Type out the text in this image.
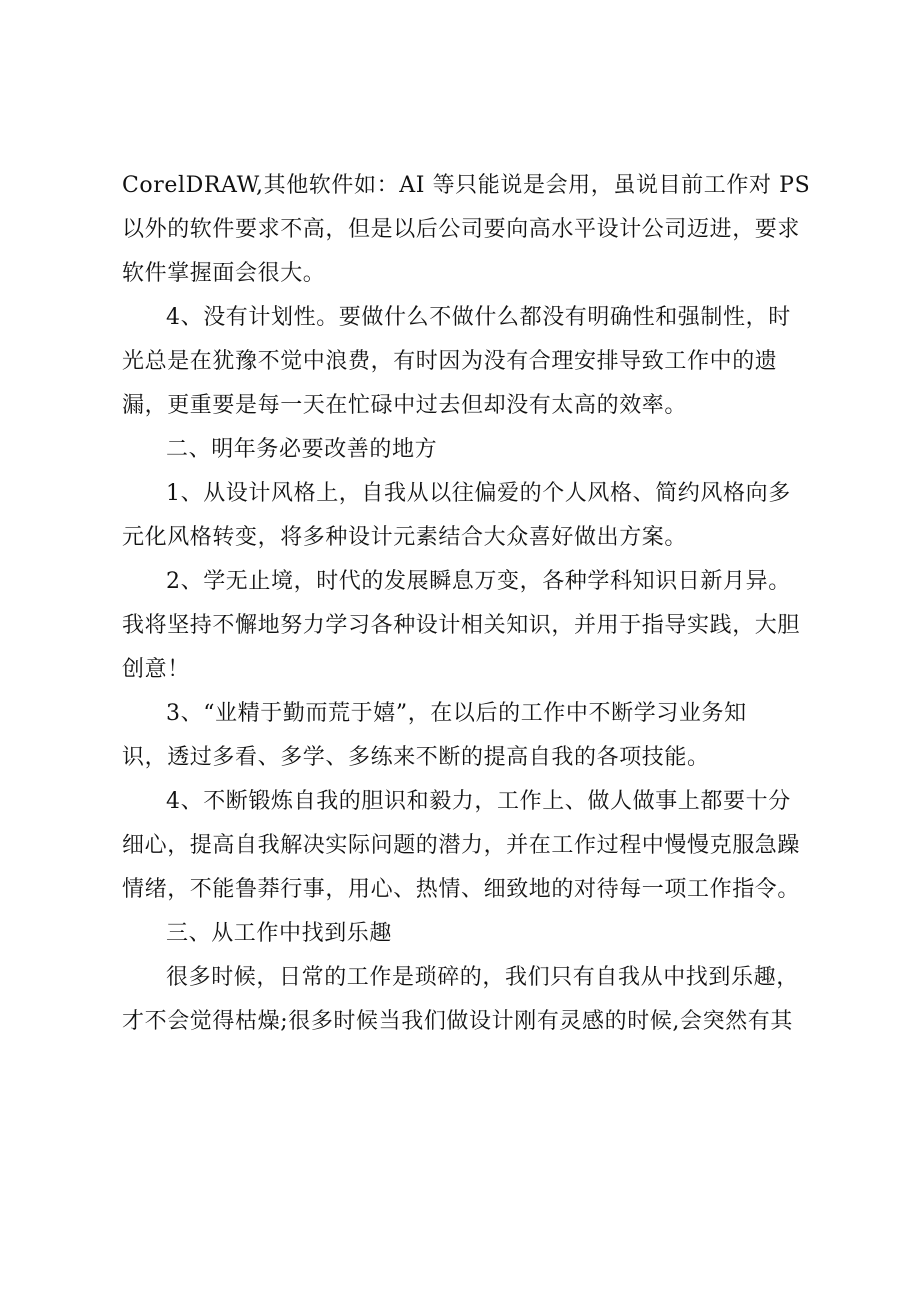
CorelDRAW,其他软件如：AI 等只能说是会用，虽说目前工作对 PS
以外的软件要求不高，但是以后公司要向高水平设计公司迈进，要求
软件掌握面会很大。
4、没有计划性。要做什么不做什么都没有明确性和强制性，时
光总是在犹豫不觉中浪费，有时因为没有合理安排导致工作中的遗
漏，更重要是每一天在忙碌中过去但却没有太高的效率。
二、明年务必要改善的地方
1、从设计风格上，自我从以往偏爱的个人风格、简约风格向多
元化风格转变，将多种设计元素结合大众喜好做出方案。
2、学无止境，时代的发展瞬息万变，各种学科知识日新月异。
我将坚持不懈地努力学习各种设计相关知识，并用于指导实践，大胆
创意！
3、“业精于勤而荒于嬉”，在以后的工作中不断学习业务知
识，透过多看、多学、多练来不断的提高自我的各项技能。
4、不断锻炼自我的胆识和毅力，工作上、做人做事上都要十分
细心，提高自我解决实际问题的潜力，并在工作过程中慢慢克服急躁
情绪，不能鲁莽行事，用心、热情、细致地的对待每一项工作指令。
三、从工作中找到乐趣
很多时候，日常的工作是琐碎的，我们只有自我从中找到乐趣，
才不会觉得枯燥;很多时候当我们做设计刚有灵感的时候,会突然有其
